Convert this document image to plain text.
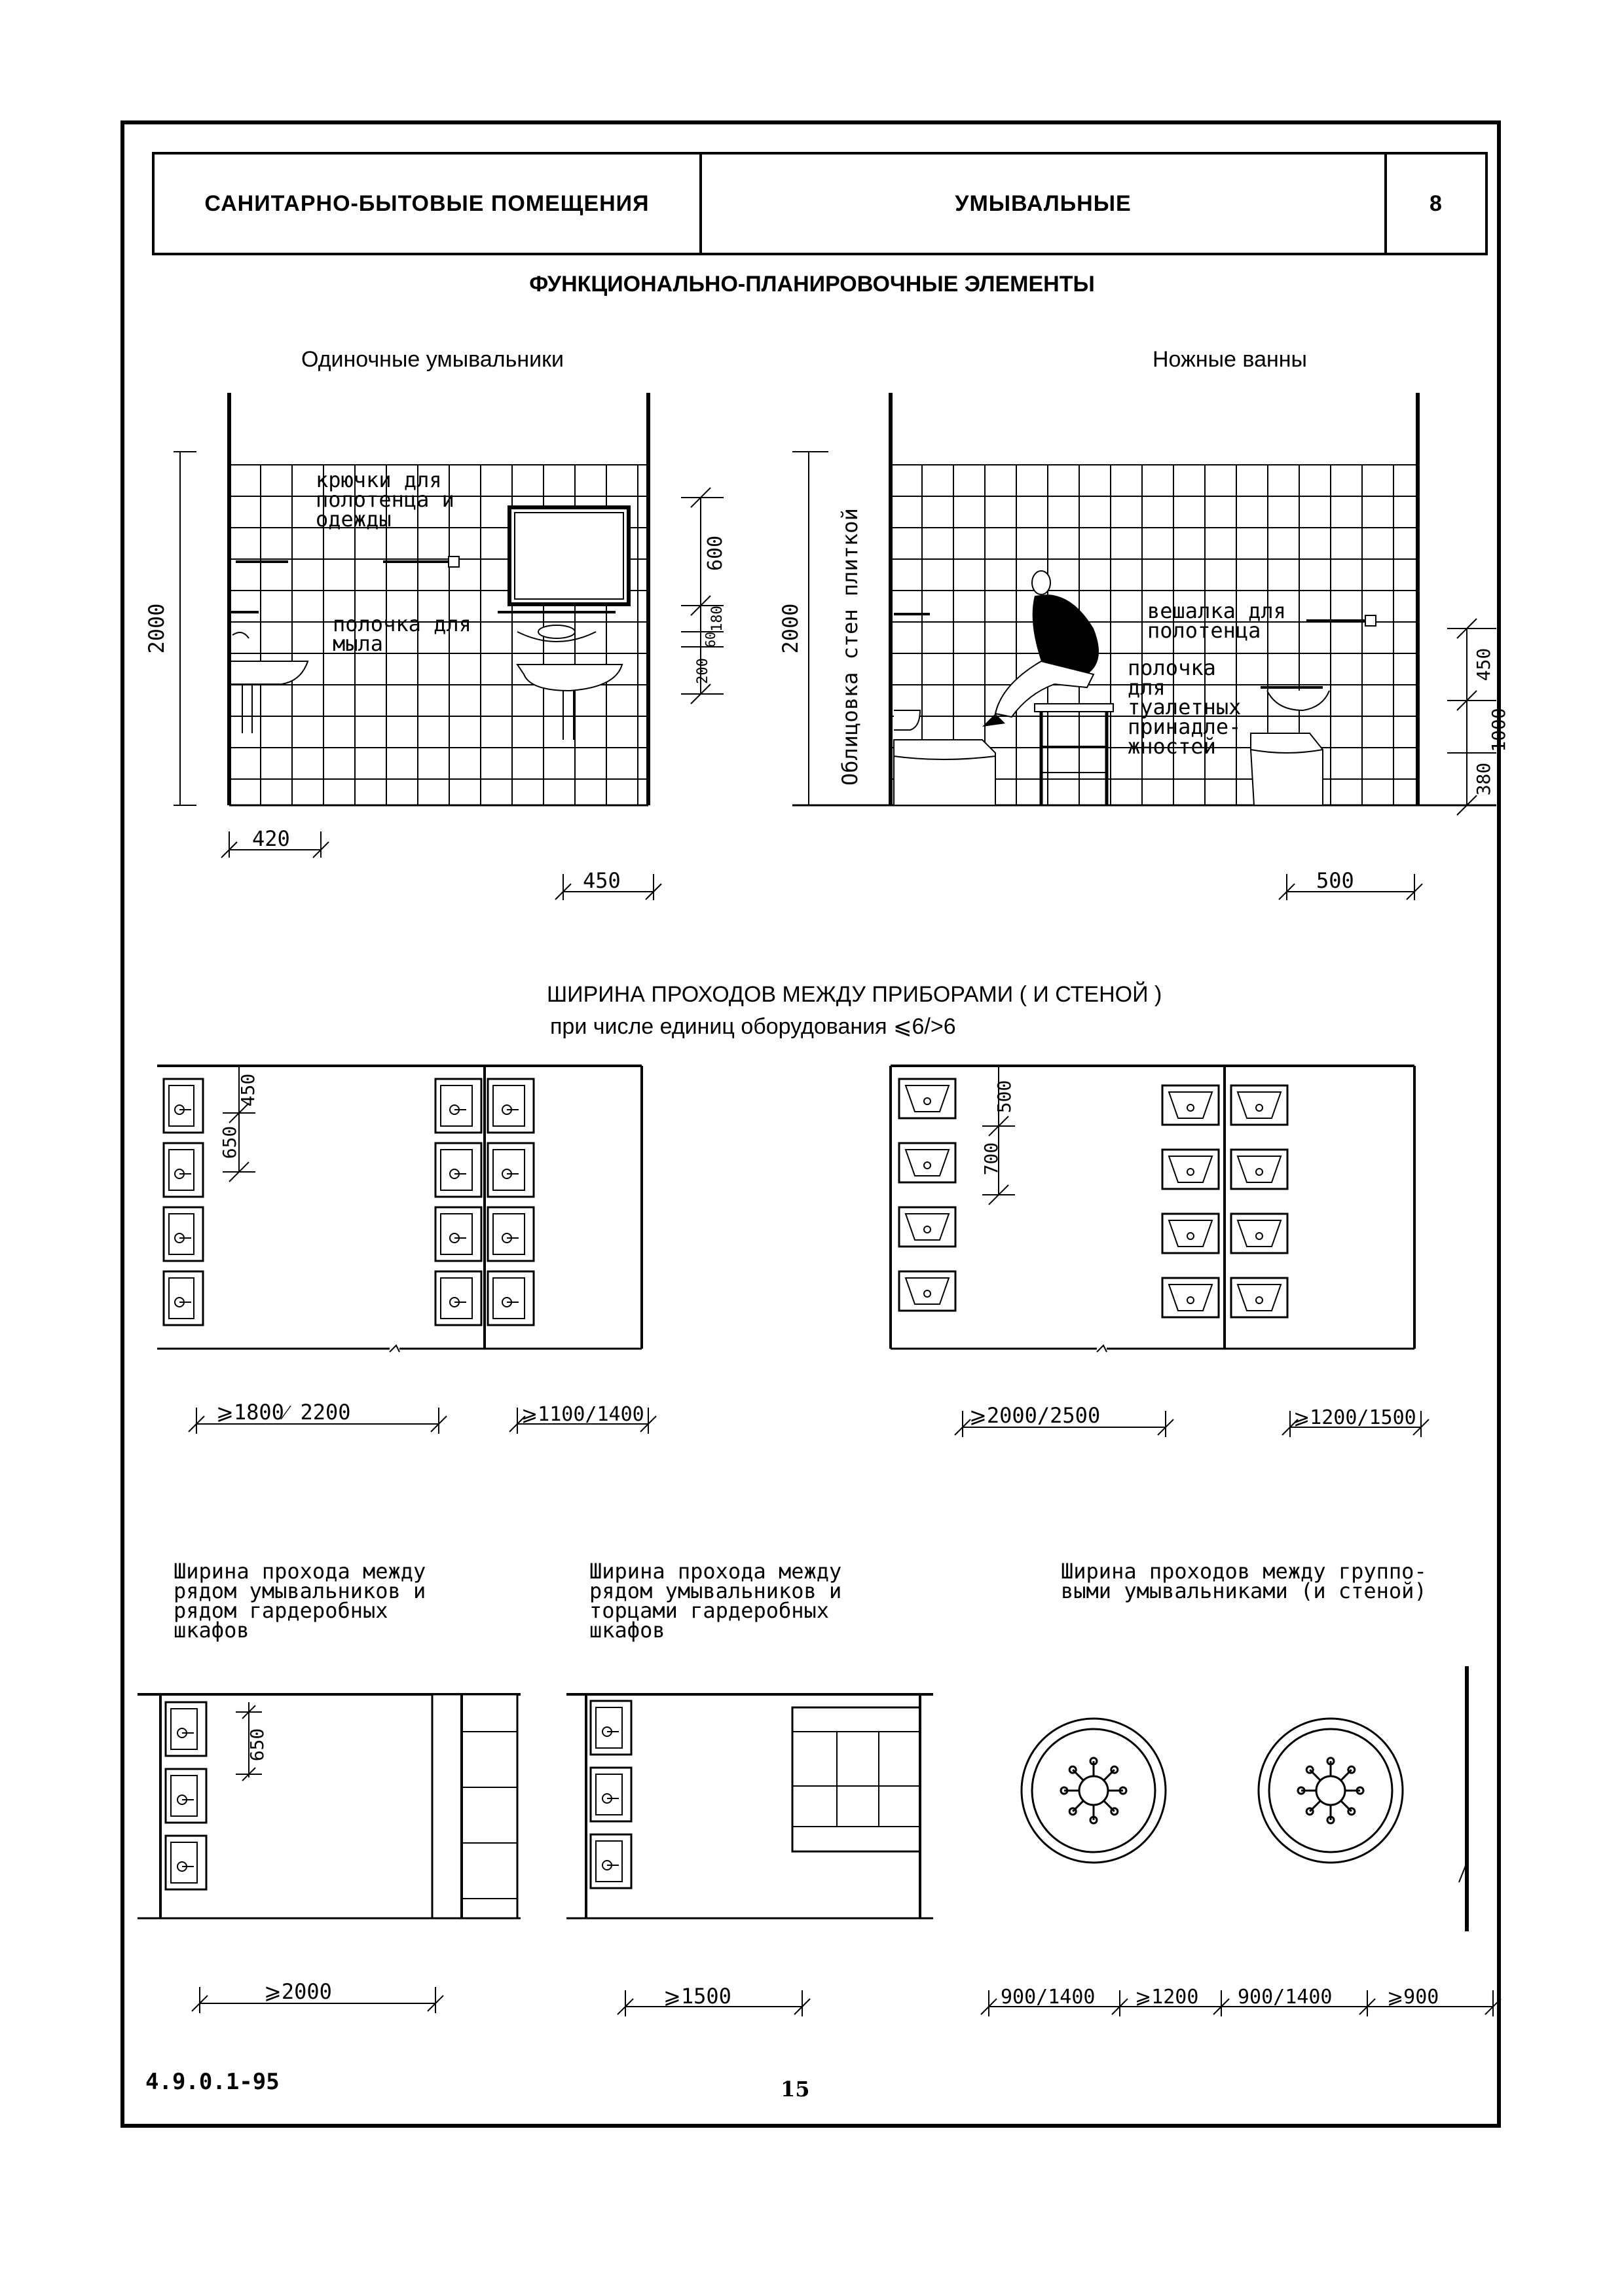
САНИТАРНО-БЫТОВЫЕ ПОМЕЩЕНИЯ	УМЫВАЛЬНЫЕ	8
ФУНКЦИОНАЛЬНО-ПЛАНИРОВОЧНЫЕ ЭЛЕМЕНТЫ
Одиночные умывальники	Ножные ванны
2000
крючки для
полотенца и
одежды
полочка для
мыла
600
180
60
200
420
450
2000
450
380
1000
Облицовка стен плиткой	вешалка для
полотенца
полочка
для
туалетных
принадле-
жностей
500
ШИРИНА ПРОХОДОВ МЕЖДУ ПРИБОРАМИ ( И СТЕНОЙ )
при числе единиц оборудования ⩽6/>6
450
650
⩾1800⁄ 2200	⩾1100/1400
500
700
⩾2000/2500	⩾1200/1500
Ширина прохода между
рядом умывальников и
рядом гардеробных
шкафов
Ширина прохода между
рядом умывальников и
торцами гардеробных
шкафов
Ширина проходов между группо-
выми умывальниками (и стеной)
650
⩾2000	⩾1500	900/1400 ⩾1200 900/1400	⩾900
4.9.0.1-95	15
